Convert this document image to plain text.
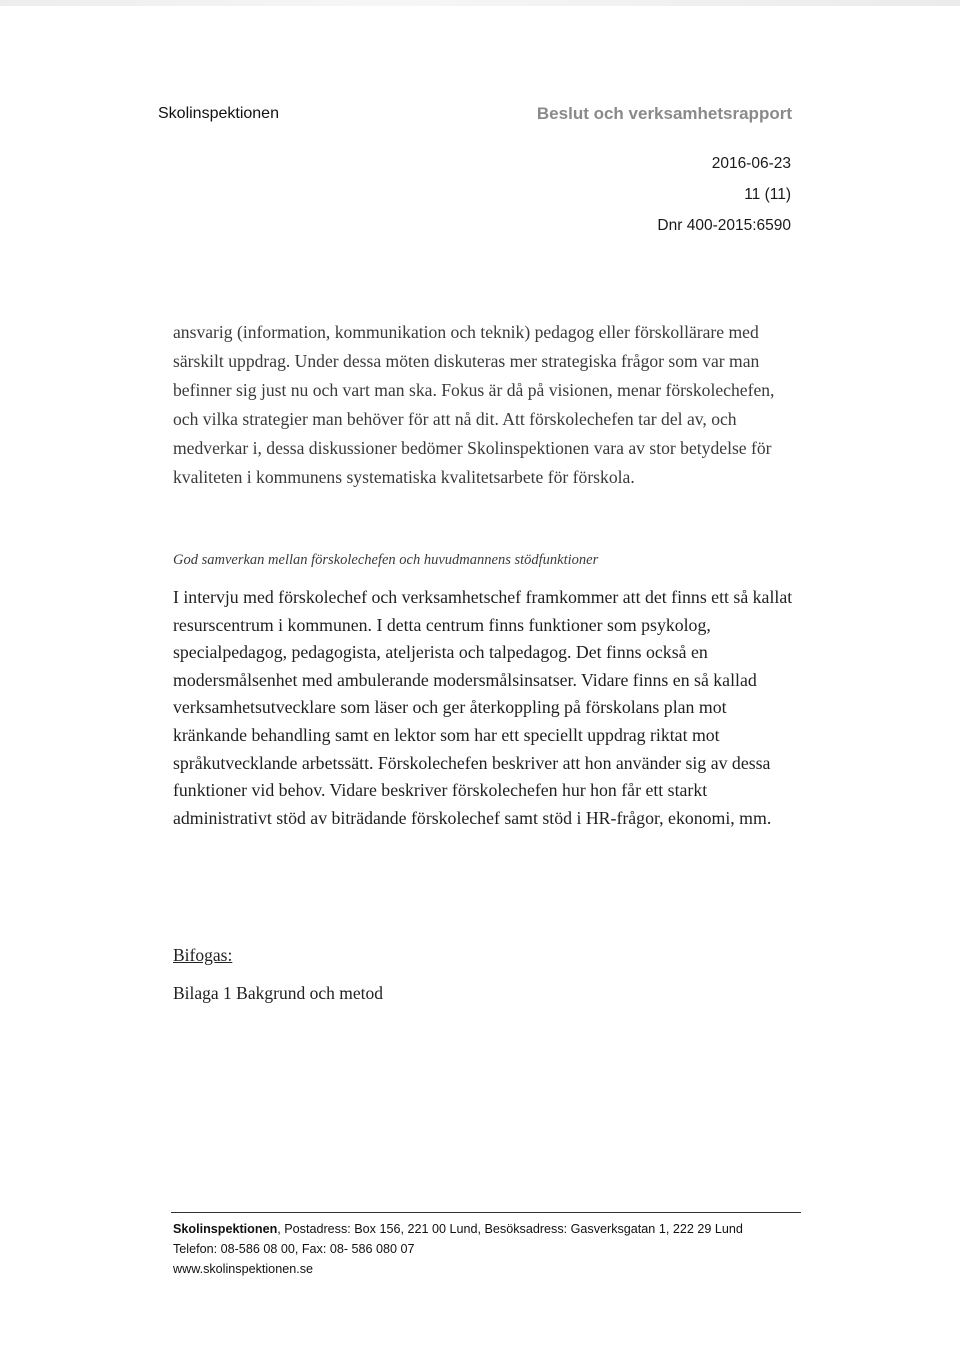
Skolinspektionen	Beslut och verksamhetsrapport
2016-06-23
11 (11)
Dnr 400-2015:6590

ansvarig (information, kommunikation och teknik) pedagog eller förskollärare med särskilt uppdrag. Under dessa möten diskuteras mer strategiska frågor som var man befinner sig just nu och vart man ska. Fokus är då på visionen, menar förskolechefen, och vilka strategier man behöver för att nå dit. Att förskolechefen tar del av, och medverkar i, dessa diskussioner bedömer Skolinspektionen vara av stor betydelse för kvaliteten i kommunens systematiska kvalitetsarbete för förskola.

God samverkan mellan förskolechefen och huvudmannens stödfunktioner

I intervju med förskolechef och verksamhetschef framkommer att det finns ett så kallat resurscentrum i kommunen. I detta centrum finns funktioner som psykolog, specialpedagog, pedagogista, ateljerista och talpedagog. Det finns också en modersmålsenhet med ambulerande modersmålsinsatser. Vidare finns en så kallad verksamhetsutvecklare som läser och ger återkoppling på förskolans plan mot kränkande behandling samt en lektor som har ett speciellt uppdrag riktat mot språkutvecklande arbetssätt. Förskolechefen beskriver att hon använder sig av dessa funktioner vid behov. Vidare beskriver förskolechefen hur hon får ett starkt administrativt stöd av biträdande förskolechef samt stöd i HR-frågor, ekonomi, mm.

Bifogas:
Bilaga 1 Bakgrund och metod
Skolinspektionen, Postadress: Box 156, 221 00 Lund, Besöksadress: Gasverksgatan 1, 222 29 Lund
Telefon: 08-586 08 00, Fax: 08- 586 080 07
www.skolinspektionen.se
